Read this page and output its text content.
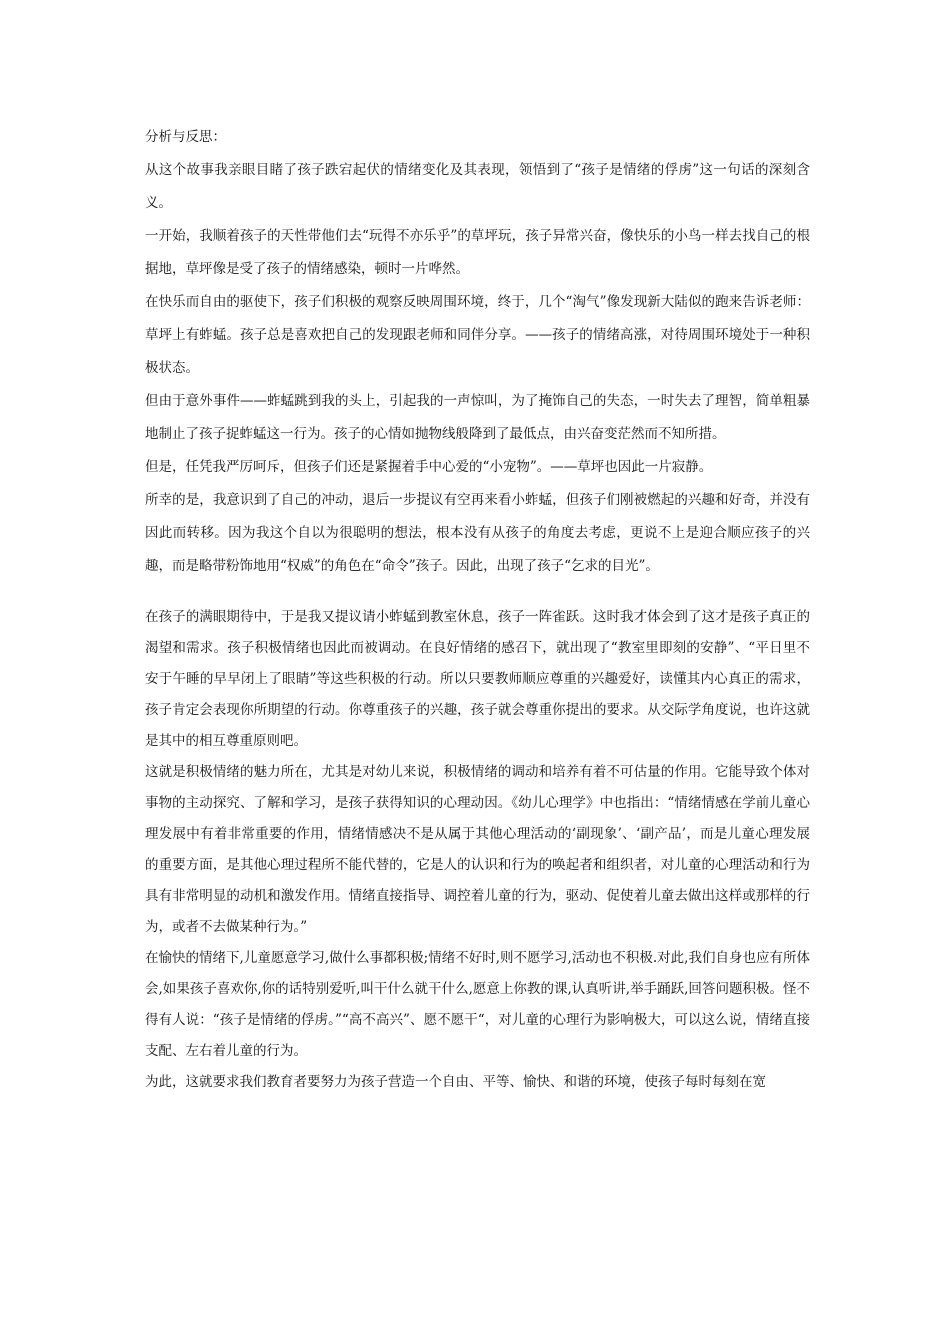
分析与反思：

从这个故事我亲眼目睹了孩子跌宕起伏的情绪变化及其表现，领悟到了“孩子是情绪的俘虏”这一句话的深刻含义。

一开始，我顺着孩子的天性带他们去“玩得不亦乐乎”的草坪玩，孩子异常兴奋，像快乐的小鸟一样去找自己的根据地，草坪像是受了孩子的情绪感染，顿时一片哗然。

在快乐而自由的驱使下，孩子们积极的观察反映周围环境，终于，几个“淘气”像发现新大陆似的跑来告诉老师：草坪上有蚱蜢。孩子总是喜欢把自己的发现跟老师和同伴分享。——孩子的情绪高涨，对待周围环境处于一种积极状态。

但由于意外事件——蚱蜢跳到我的头上，引起我的一声惊叫，为了掩饰自己的失态，一时失去了理智，简单粗暴地制止了孩子捉蚱蜢这一行为。孩子的心情如抛物线般降到了最低点，由兴奋变茫然而不知所措。

但是，任凭我严厉呵斥，但孩子们还是紧握着手中心爱的“小宠物”。——草坪也因此一片寂静。

所幸的是，我意识到了自己的冲动，退后一步提议有空再来看小蚱蜢，但孩子们刚被燃起的兴趣和好奇，并没有因此而转移。因为我这个自以为很聪明的想法，根本没有从孩子的角度去考虑，更说不上是迎合顺应孩子的兴趣，而是略带粉饰地用“权威”的角色在“命令”孩子。因此，出现了孩子“乞求的目光”。

在孩子的满眼期待中，于是我又提议请小蚱蜢到教室休息，孩子一阵雀跃。这时我才体会到了这才是孩子真正的渴望和需求。孩子积极情绪也因此而被调动。在良好情绪的感召下，就出现了“教室里即刻的安静”、“平日里不安于午睡的早早闭上了眼睛”等这些积极的行动。所以只要教师顺应尊重的兴趣爱好，读懂其内心真正的需求，孩子肯定会表现你所期望的行动。你尊重孩子的兴趣，孩子就会尊重你提出的要求。从交际学角度说，也许这就是其中的相互尊重原则吧。

这就是积极情绪的魅力所在，尤其是对幼儿来说，积极情绪的调动和培养有着不可估量的作用。它能导致个体对事物的主动探究、了解和学习，是孩子获得知识的心理动因。《幼儿心理学》中也指出：“情绪情感在学前儿童心理发展中有着非常重要的作用，情绪情感决不是从属于其他心理活动的‘副现象’、‘副产品’，而是儿童心理发展的重要方面，是其他心理过程所不能代替的，它是人的认识和行为的唤起者和组织者，对儿童的心理活动和行为具有非常明显的动机和激发作用。情绪直接指导、调控着儿童的行为，驱动、促使着儿童去做出这样或那样的行为，或者不去做某种行为。”

在愉快的情绪下,儿童愿意学习,做什么事都积极;情绪不好时,则不愿学习,活动也不积极.对此,我们自身也应有所体会,如果孩子喜欢你,你的话特别爱听,叫干什么就干什么,愿意上你教的课,认真听讲,举手踊跃,回答问题积极。怪不得有人说：“孩子是情绪的俘虏。”“高不高兴”、愿不愿干“，对儿童的心理行为影响极大，可以这么说，情绪直接支配、左右着儿童的行为。

为此，这就要求我们教育者要努力为孩子营造一个自由、平等、愉快、和谐的环境，使孩子每时每刻在宽
